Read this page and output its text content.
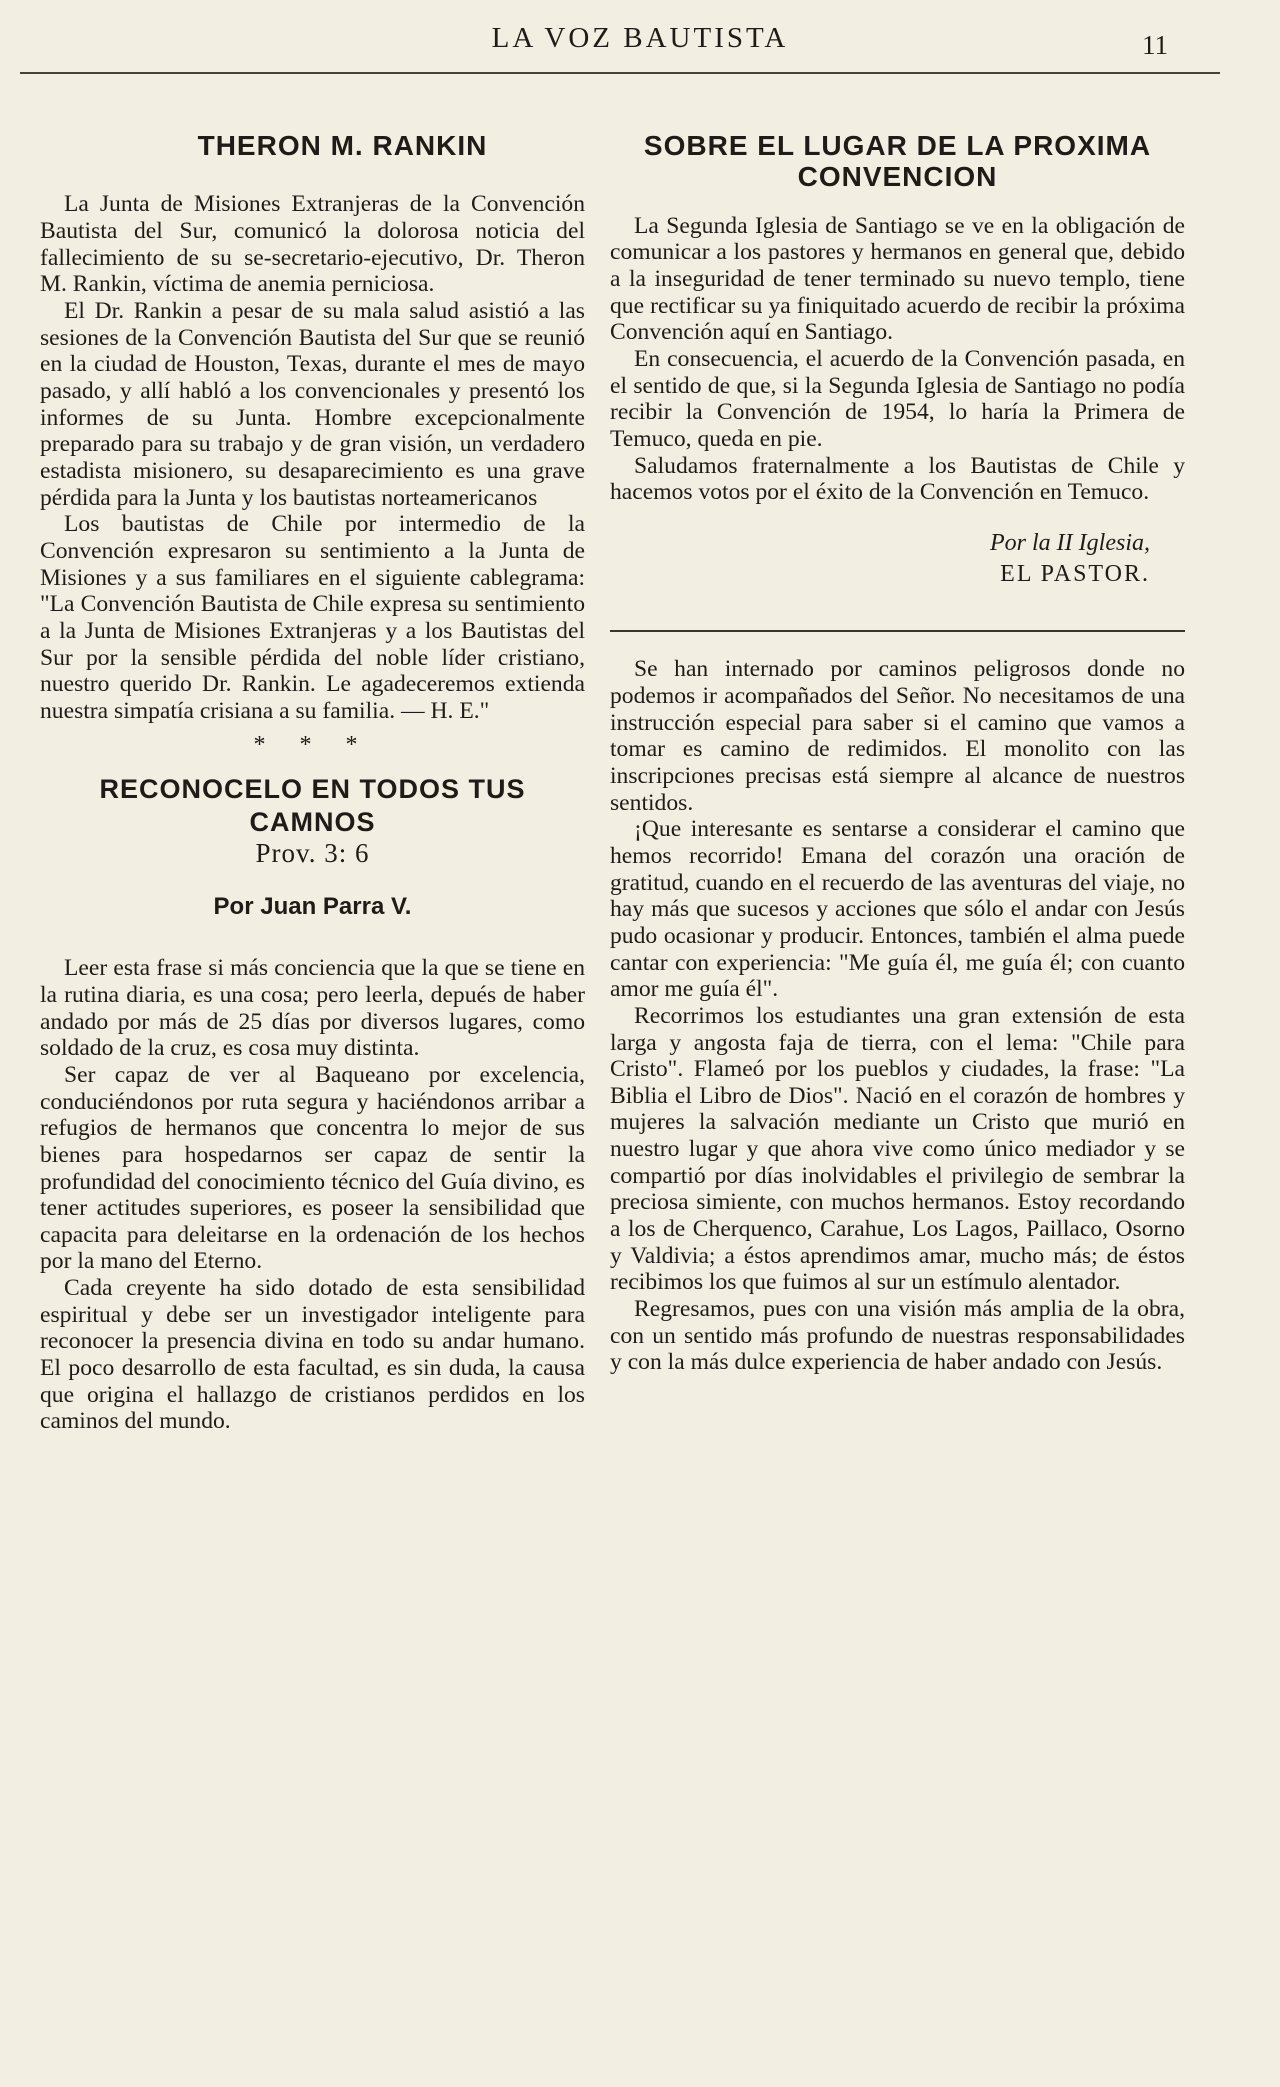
LA VOZ BAUTISTA	11
THERON M. RANKIN

La Junta de Misiones Extranjeras de la Convención Bautista del Sur, comunicó la dolorosa noticia del fallecimiento de su se-secretario-ejecutivo, Dr. Theron M. Rankin, víctima de anemia perniciosa.

El Dr. Rankin a pesar de su mala salud asistió a las sesiones de la Convención Bautista del Sur que se reunió en la ciudad de Houston, Texas, durante el mes de mayo pasado, y allí habló a los convencionales y presentó los informes de su Junta. Hombre excepcionalmente preparado para su trabajo y de gran visión, un verdadero estadista misionero, su desaparecimiento es una grave pérdida para la Junta y los bautistas norteamericanos

Los bautistas de Chile por intermedio de la Convención expresaron su sentimiento a la Junta de Misiones y a sus familiares en el siguiente cablegrama: "La Convención Bautista de Chile expresa su sentimiento a la Junta de Misiones Extranjeras y a los Bautistas del Sur por la sensible pérdida del noble líder cristiano, nuestro querido Dr. Rankin. Le agadeceremos extienda nuestra simpatía crisiana a su familia. — H. E."

* * *
RECONOCELO EN TODOS TUS CAMNOS
Prov. 3: 6
Por Juan Parra V.

Leer esta frase si más conciencia que la que se tiene en la rutina diaria, es una cosa; pero leerla, depués de haber andado por más de 25 días por diversos lugares, como soldado de la cruz, es cosa muy distinta.

Ser capaz de ver al Baqueano por excelencia, conduciéndonos por ruta segura y haciéndonos arribar a refugios de hermanos que concentra lo mejor de sus bienes para hospedarnos ser capaz de sentir la profundidad del conocimiento técnico del Guía divino, es tener actitudes superiores, es poseer la sensibilidad que capacita para deleitarse en la ordenación de los hechos por la mano del Eterno.

Cada creyente ha sido dotado de esta sensibilidad espiritual y debe ser un investigador inteligente para reconocer la presencia divina en todo su andar humano. El poco desarrollo de esta facultad, es sin duda, la causa que origina el hallazgo de cristianos perdidos en los caminos del mundo.

SOBRE EL LUGAR DE LA PROXIMA CONVENCION

La Segunda Iglesia de Santiago se ve en la obligación de comunicar a los pastores y hermanos en general que, debido a la inseguridad de tener terminado su nuevo templo, tiene que rectificar su ya finiquitado acuerdo de recibir la próxima Convención aquí en Santiago.

En consecuencia, el acuerdo de la Convención pasada, en el sentido de que, si la Segunda Iglesia de Santiago no podía recibir la Convención de 1954, lo haría la Primera de Temuco, queda en pie.

Saludamos fraternalmente a los Bautistas de Chile y hacemos votos por el éxito de la Convención en Temuco.

Por la II Iglesia,
EL PASTOR.

Se han internado por caminos peligrosos donde no podemos ir acompañados del Señor. No necesitamos de una instrucción especial para saber si el camino que vamos a tomar es camino de redimidos. El monolito con las inscripciones precisas está siempre al alcance de nuestros sentidos.

¡Que interesante es sentarse a considerar el camino que hemos recorrido! Emana del corazón una oración de gratitud, cuando en el recuerdo de las aventuras del viaje, no hay más que sucesos y acciones que sólo el andar con Jesús pudo ocasionar y producir. Entonces, también el alma puede cantar con experiencia: "Me guía él, me guía él; con cuanto amor me guía él".

Recorrimos los estudiantes una gran extensión de esta larga y angosta faja de tierra, con el lema: "Chile para Cristo". Flameó por los pueblos y ciudades, la frase: "La Biblia el Libro de Dios". Nació en el corazón de hombres y mujeres la salvación mediante un Cristo que murió en nuestro lugar y que ahora vive como único mediador y se compartió por días inolvidables el privilegio de sembrar la preciosa simiente, con muchos hermanos. Estoy recordando a los de Cherquenco, Carahue, Los Lagos, Paillaco, Osorno y Valdivia; a éstos aprendimos amar, mucho más; de éstos recibimos los que fuimos al sur un estímulo alentador.

Regresamos, pues con una visión más amplia de la obra, con un sentido más profundo de nuestras responsabilidades y con la más dulce experiencia de haber andado con Jesús.
